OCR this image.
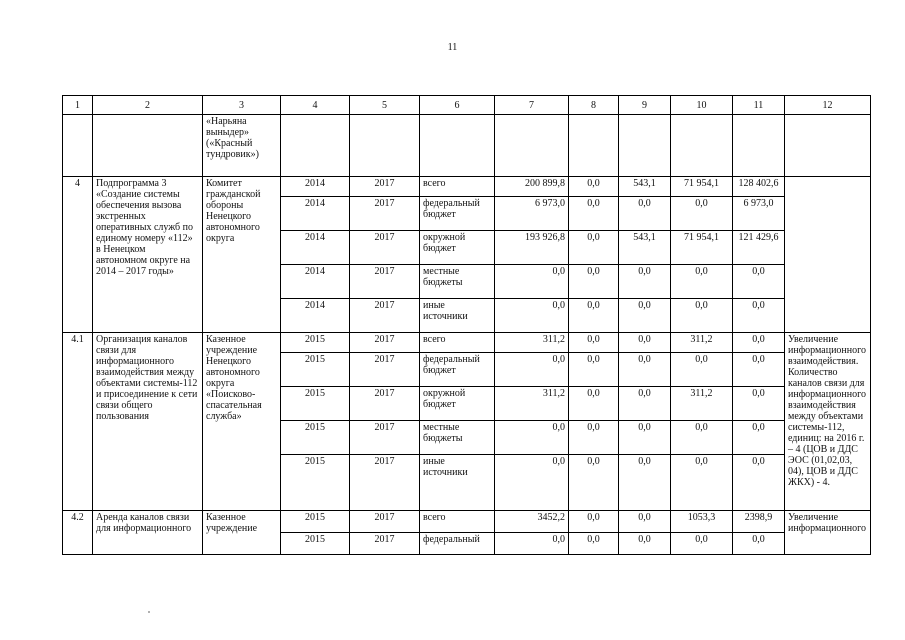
11
1	2	3	4	5	6	7	8	9	10	11	12
		«Нарьяна выныдер» («Красный тундровик»)									
4	Подпрограмма 3 «Создание системы обеспечения вызова экстренных оперативных служб по единому номеру «112» в Ненецком автономном округе на 2014 – 2017 годы»	Комитет гражданской обороны Ненецкого автономного округа	2014	2017	всего	200 899,8	0,0	543,1	71 954,1	128 402,6	
			2014	2017	федеральный бюджет	6 973,0	0,0	0,0	0,0	6 973,0	
			2014	2017	окружной бюджет	193 926,8	0,0	543,1	71 954,1	121 429,6	
			2014	2017	местные бюджеты	0,0	0,0	0,0	0,0	0,0	
			2014	2017	иные источники	0,0	0,0	0,0	0,0	0,0	
4.1	Организация каналов связи для информационного взаимодействия между объектами системы-112 и присоединение к сети связи общего пользования	Казенное учреждение Ненецкого автономного округа «Поисково-спасательная служба»	2015	2017	всего	311,2	0,0	0,0	311,2	0,0	Увеличение информационного взаимодействия. Количество каналов связи для информационного взаимодействия между объектами системы-112, единиц: на 2016 г. – 4 (ЦОВ и ДДС ЭОС (01,02,03, 04), ЦОВ и ДДС ЖКХ) - 4.
			2015	2017	федеральный бюджет	0,0	0,0	0,0	0,0	0,0	
			2015	2017	окружной бюджет	311,2	0,0	0,0	311,2	0,0	
			2015	2017	местные бюджеты	0,0	0,0	0,0	0,0	0,0	
			2015	2017	иные источники	0,0	0,0	0,0	0,0	0,0	
4.2	Аренда каналов связи для информационного	Казенное учреждение	2015	2017	всего	3452,2	0,0	0,0	1053,3	2398,9	Увеличение информационного
			2015	2017	федеральный	0,0	0,0	0,0	0,0	0,0	
